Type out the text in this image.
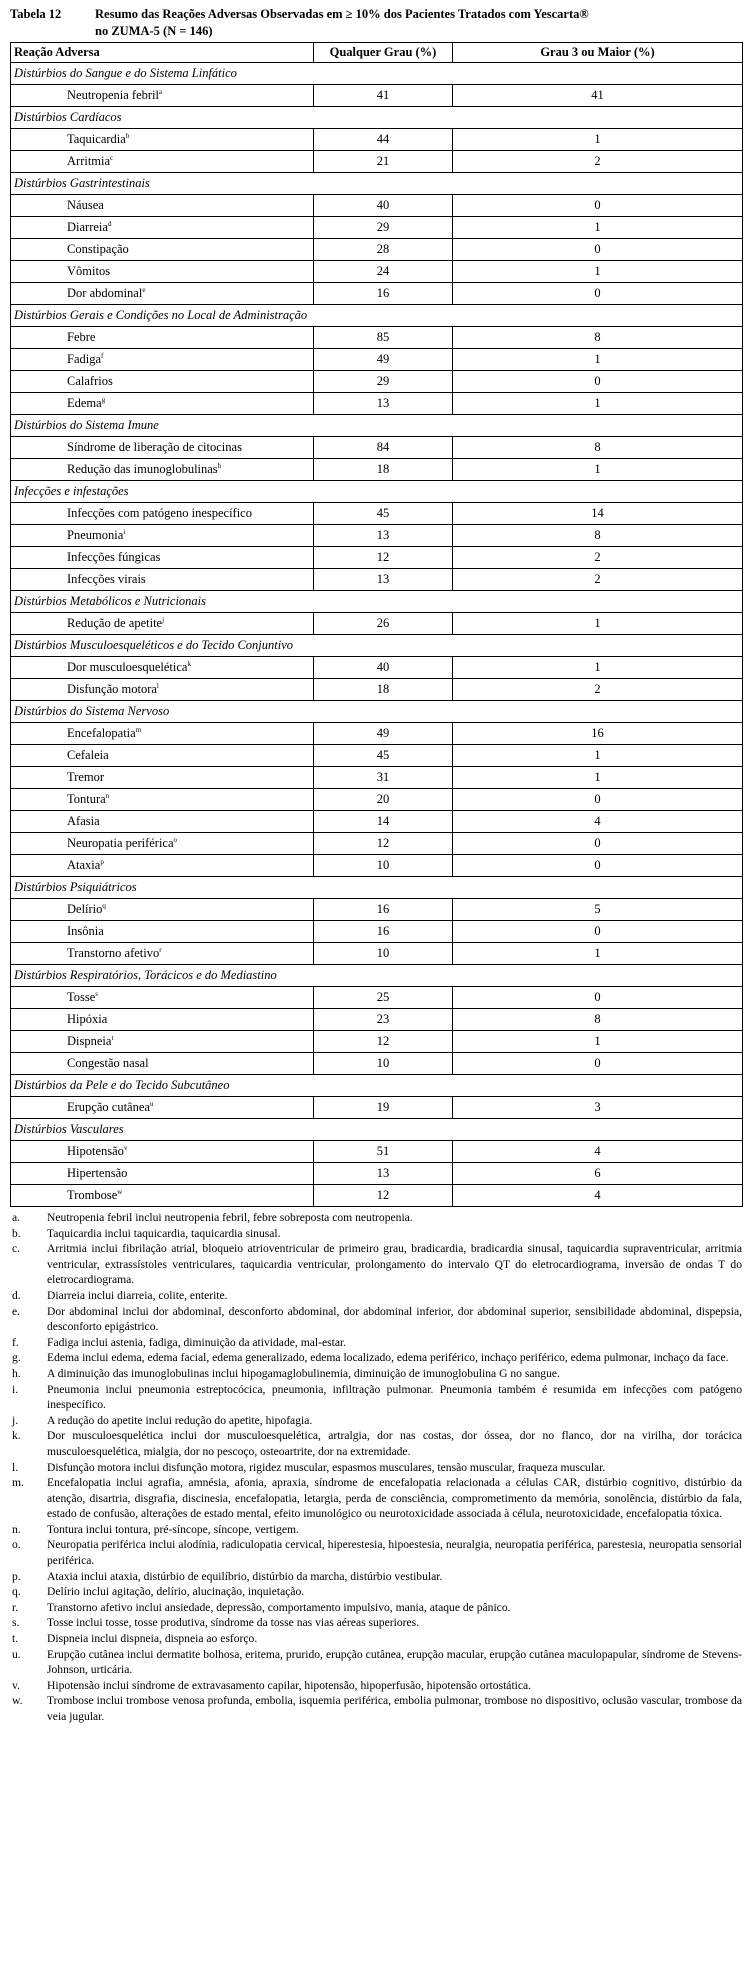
Tabela 12	Resumo das Reações Adversas Observadas em ≥ 10% dos Pacientes Tratados com Yescarta®
no ZUMA-5 (N = 146)
Reação Adversa	Qualquer Grau (%)	Grau 3 ou Maior (%)
Distúrbios do Sangue e do Sistema Linfático		
Neutropenia febril$^a$	41	41
Distúrbios Cardíacos		
Taquicardia$^b$	44	1
Arritmia$^c$	21	2
Distúrbios Gastrintestinais		
Náusea	40	0
Diarreia$^d$	29	1
Constipação	28	0
Vômitos	24	1
Dor abdominal$^e$	16	0
Distúrbios Gerais e Condições no Local de Administração		
Febre	85	8
Fadiga$^f$	49	1
Calafrios	29	0
Edema$^g$	13	1
Distúrbios do Sistema Imune		
Síndrome de liberação de citocinas	84	8
Redução das imunoglobulinas$^h$	18	1
Infecções e infestações		
Infecções com patógeno inespecífico	45	14
Pneumonia$^i$	13	8
Infecções fúngicas	12	2
Infecções virais	13	2
Distúrbios Metabólicos e Nutricionais		
Redução de apetite$^j$	26	1
Distúrbios Musculoesqueléticos e do Tecido Conjuntivo		
Dor musculoesquelética$^k$	40	1
Disfunção motora$^l$	18	2
Distúrbios do Sistema Nervoso		
Encefalopatia$^m$	49	16
Cefaleia	45	1
Tremor	31	1
Tontura$^n$	20	0
Afasia	14	4
Neuropatia periférica$^o$	12	0
Ataxia$^p$	10	0
Distúrbios Psiquiátricos		
Delírio$^q$	16	5
Insônia	16	0
Transtorno afetivo$^r$	10	1
Distúrbios Respiratórios, Torácicos e do Mediastino		
Tosse$^s$	25	0
Hipóxia	23	8
Dispneia$^t$	12	1
Congestão nasal	10	0
Distúrbios da Pele e do Tecido Subcutâneo		
Erupção cutânea$^u$	19	3
Distúrbios Vasculares		
Hipotensão$^v$	51	4
Hipertensão	13	6
Trombose$^w$	12	4
a.	Neutropenia febril inclui neutropenia febril, febre sobreposta com neutropenia.
b.	Taquicardia inclui taquicardia, taquicardia sinusal.
c.	Arritmia inclui fibrilação atrial, bloqueio atrioventricular de primeiro grau, bradicardia, bradicardia sinusal, taquicardia supraventricular, arritmia ventricular, extrassístoles ventriculares, taquicardia ventricular, prolongamento do intervalo QT do eletrocardiograma, inversão de ondas T do eletrocardiograma.
d.	Diarreia inclui diarreia, colite, enterite.
e.	Dor abdominal inclui dor abdominal, desconforto abdominal, dor abdominal inferior, dor abdominal superior, sensibilidade abdominal, dispepsia, desconforto epigástrico.
f.	Fadiga inclui astenia, fadiga, diminuição da atividade, mal-estar.
g.	Edema inclui edema, edema facial, edema generalizado, edema localizado, edema periférico, inchaço periférico, edema pulmonar, inchaço da face.
h.	A diminuição das imunoglobulinas inclui hipogamaglobulinemia, diminuição de imunoglobulina G no sangue.
i.	Pneumonia inclui pneumonia estreptocócica, pneumonia, infiltração pulmonar. Pneumonia também é resumida em infecções com patógeno inespecífico.
j.	A redução do apetite inclui redução do apetite, hipofagia.
k.	Dor musculoesquelética inclui dor musculoesquelética, artralgia, dor nas costas, dor óssea, dor no flanco, dor na virilha, dor torácica musculoesquelética, mialgia, dor no pescoço, osteoartrite, dor na extremidade.
l.	Disfunção motora inclui disfunção motora, rigidez muscular, espasmos musculares, tensão muscular, fraqueza muscular.
m.	Encefalopatia inclui agrafia, amnésia, afonia, apraxia, síndrome de encefalopatia relacionada a células CAR, distúrbio cognitivo, distúrbio da atenção, disartria, disgrafia, discinesia, encefalopatia, letargia, perda de consciência, comprometimento da memória, sonolência, distúrbio da fala, estado de confusão, alterações de estado mental, efeito imunológico ou neurotoxicidade associada à célula, neurotoxicidade, encefalopatia tóxica.
n.	Tontura inclui tontura, pré-síncope, síncope, vertigem.
o.	Neuropatia periférica inclui alodínia, radiculopatia cervical, hiperestesia, hipoestesia, neuralgia, neuropatia periférica, parestesia, neuropatia sensorial periférica.
p.	Ataxia inclui ataxia, distúrbio de equilíbrio, distúrbio da marcha, distúrbio vestibular.
q.	Delírio inclui agitação, delírio, alucinação, inquietação.
r.	Transtorno afetivo inclui ansiedade, depressão, comportamento impulsivo, mania, ataque de pânico.
s.	Tosse inclui tosse, tosse produtiva, síndrome da tosse nas vias aéreas superiores.
t.	Dispneia inclui dispneia, dispneia ao esforço.
u.	Erupção cutânea inclui dermatite bolhosa, eritema, prurido, erupção cutânea, erupção macular, erupção cutânea maculopapular, síndrome de Stevens-Johnson, urticária.
v.	Hipotensão inclui síndrome de extravasamento capilar, hipotensão, hipoperfusão, hipotensão ortostática.
w.	Trombose inclui trombose venosa profunda, embolia, isquemia periférica, embolia pulmonar, trombose no dispositivo, oclusão vascular, trombose da veia jugular.
